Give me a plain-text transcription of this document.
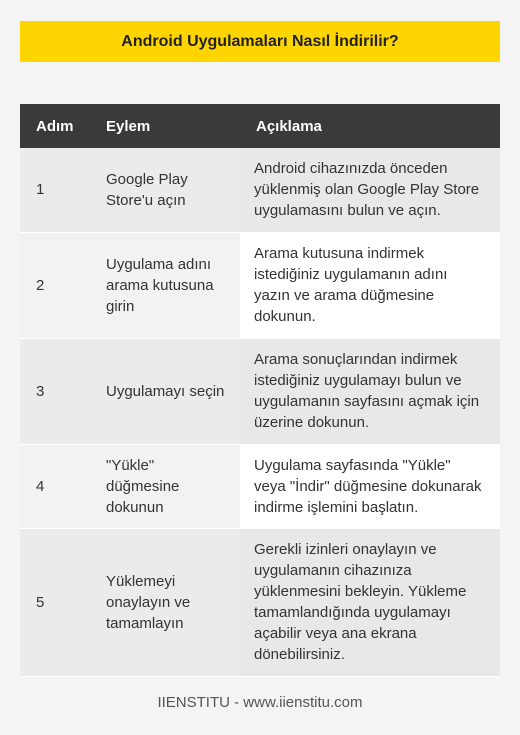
Android Uygulamaları Nasıl İndirilir?
Adım	Eylem	Açıklama
1	Google Play Store'u açın	Android cihazınızda önceden yüklenmiş olan Google Play Store uygulamasını bulun ve açın.
2	Uygulama adını arama kutusuna girin	Arama kutusuna indirmek istediğiniz uygulamanın adını yazın ve arama düğmesine dokunun.
3	Uygulamayı seçin	Arama sonuçlarından indirmek istediğiniz uygulamayı bulun ve uygulamanın sayfasını açmak için üzerine dokunun.
4	"Yükle" düğmesine dokunun	Uygulama sayfasında "Yükle" veya "İndir" düğmesine dokunarak indirme işlemini başlatın.
5	Yüklemeyi onaylayın ve tamamlayın	Gerekli izinleri onaylayın ve uygulamanın cihazınıza yüklenmesini bekleyin. Yükleme tamamlandığında uygulamayı açabilir veya ana ekrana dönebilirsiniz.
IIENSTITU - www.iienstitu.com
